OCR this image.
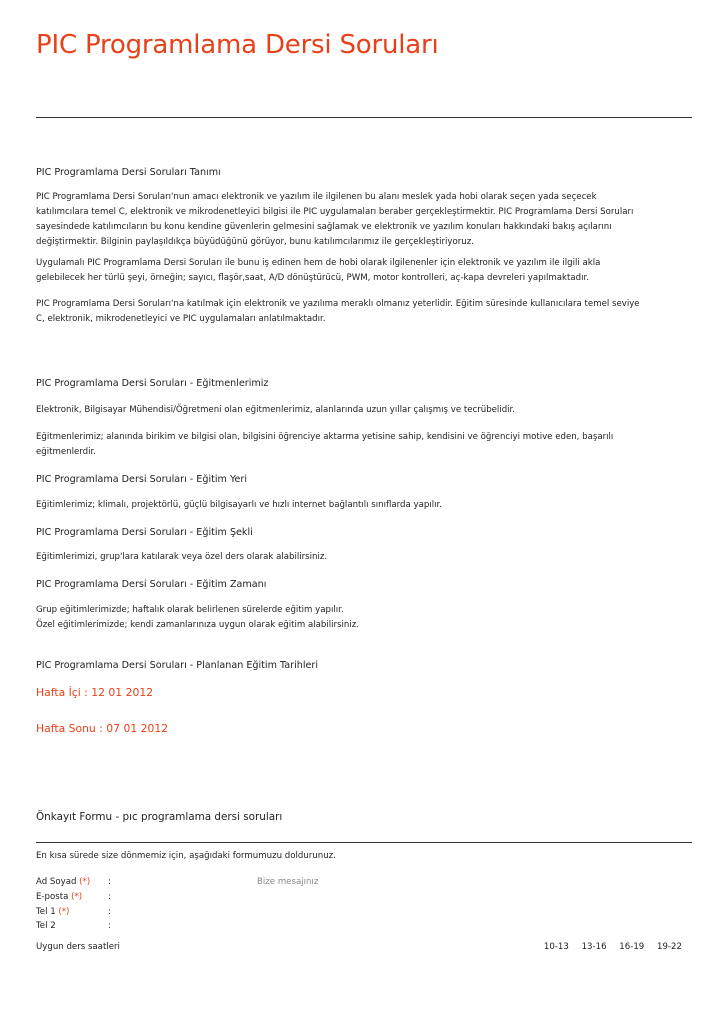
PIC Programlama Dersi Soruları
PIC Programlama Dersi Soruları Tanımı
PIC Programlama Dersi Soruları'nun amacı elektronik ve yazılım ile ilgilenen bu alanı meslek yada hobi olarak seçen yada seçecek
katılımcılara temel C, elektronik ve mikrodenetleyici bilgisi ile PIC uygulamaları beraber gerçekleştirmektir. PIC Programlama Dersi Soruları
sayesindede katılımcıların bu konu kendine güvenlerin gelmesini sağlamak ve elektronik ve yazılım konuları hakkındaki bakış açılarını
değiştirmektir. Bilginin paylaşıldıkça büyüdüğünü görüyor, bunu katılımcılarımız ile gerçekleştiriyoruz.
Uygulamalı PIC Programlama Dersi Soruları ile bunu iş edinen hem de hobi olarak ilgilenenler için elektronik ve yazılım ile ilgili akla
gelebilecek her türlü şeyi, örneğin; sayıcı, flaşör,saat, A/D dönüştürücü, PWM, motor kontrolleri, aç-kapa devreleri yapılmaktadır.
PIC Programlama Dersi Soruları'na katılmak için elektronik ve yazılıma meraklı olmanız yeterlidir. Eğitim süresinde kullanıcılara temel seviye
C, elektronik, mikrodenetleyici ve PIC uygulamaları anlatılmaktadır.
PIC Programlama Dersi Soruları - Eğitmenlerimiz
Elektronik, Bilgisayar Mühendisi/Öğretmeni olan eğitmenlerimiz, alanlarında uzun yıllar çalışmış ve tecrübelidir.
Eğitmenlerimiz; alanında birikim ve bilgisi olan, bilgisini öğrenciye aktarma yetisine sahip, kendisini ve öğrenciyi motive eden, başarılı
eğitmenlerdir.
PIC Programlama Dersi Soruları - Eğitim Yeri
Eğitimlerimiz; klimalı, projektörlü, güçlü bilgisayarlı ve hızlı internet bağlantılı sınıflarda yapılır.
PIC Programlama Dersi Soruları - Eğitim Şekli
Eğitimlerimizi, grup'lara katılarak veya özel ders olarak alabilirsiniz.
PIC Programlama Dersi Soruları - Eğitim Zamanı
Grup eğitimlerimizde; haftalık olarak belirlenen sürelerde eğitim yapılır.
Özel eğitimlerimizde; kendi zamanlarınıza uygun olarak eğitim alabilirsiniz.
PIC Programlama Dersi Soruları - Planlanan Eğitim Tarihleri
Hafta İçi : 12 01 2012
Hafta Sonu : 07 01 2012
Önkayıt Formu - pıc programlama dersi soruları
En kısa sürede size dönmemiz için, aşağıdaki formumuzu doldurunuz.
Ad Soyad (*) :
E-posta (*)	:
Tel 1 (*)	:
Tel 2	:
Bize mesajınız
Uygun ders saatleri	10-13 13-16 16-19 19-22
